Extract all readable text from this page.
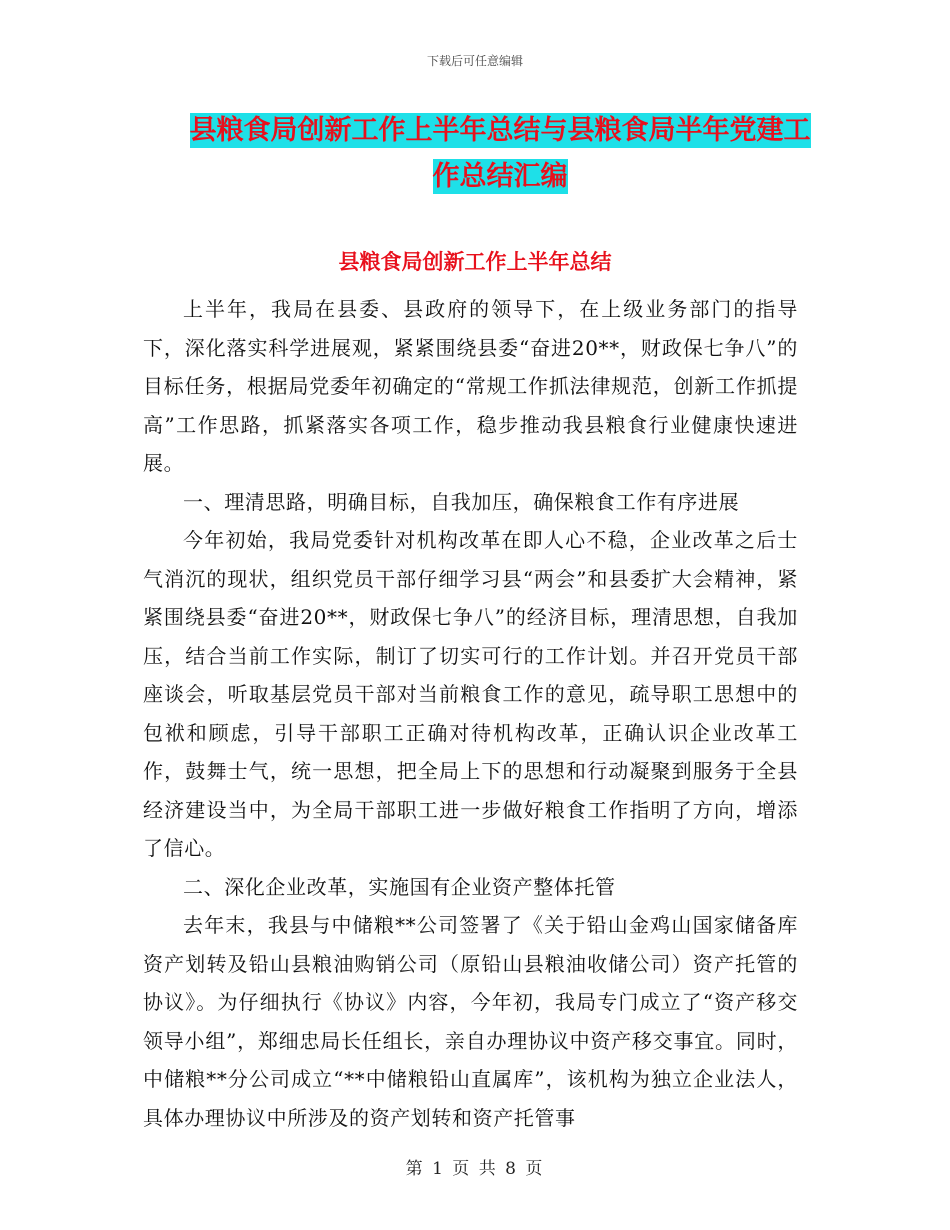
下载后可任意编辑
县粮食局创新工作上半年总结与县粮食局半年党建工
作总结汇编
县粮食局创新工作上半年总结

上半年，我局在县委、县政府的领导下，在上级业务部门的指导下，深化落实科学进展观，紧紧围绕县委“奋进20**，财政保七争八”的目标任务，根据局党委年初确定的“常规工作抓法律规范，创新工作抓提高”工作思路，抓紧落实各项工作，稳步推动我县粮食行业健康快速进展。

一、理清思路，明确目标，自我加压，确保粮食工作有序进展

今年初始，我局党委针对机构改革在即人心不稳，企业改革之后士气消沉的现状，组织党员干部仔细学习县“两会”和县委扩大会精神，紧紧围绕县委“奋进20**，财政保七争八”的经济目标，理清思想，自我加压，结合当前工作实际，制订了切实可行的工作计划。并召开党员干部座谈会，听取基层党员干部对当前粮食工作的意见，疏导职工思想中的包袱和顾虑，引导干部职工正确对待机构改革，正确认识企业改革工作，鼓舞士气，统一思想，把全局上下的思想和行动凝聚到服务于全县经济建设当中，为全局干部职工进一步做好粮食工作指明了方向，增添了信心。

二、深化企业改革，实施国有企业资产整体托管

去年末，我县与中储粮**公司签署了《关于铅山金鸡山国家储备库资产划转及铅山县粮油购销公司（原铅山县粮油收储公司）资产托管的协议》。为仔细执行《协议》内容，今年初，我局专门成立了“资产移交领导小组”，郑细忠局长任组长，亲自办理协议中资产移交事宜。同时，中储粮**分公司成立“**中储粮铅山直属库”，该机构为独立企业法人，具体办理协议中所涉及的资产划转和资产托管事

第 1 页 共 8 页
